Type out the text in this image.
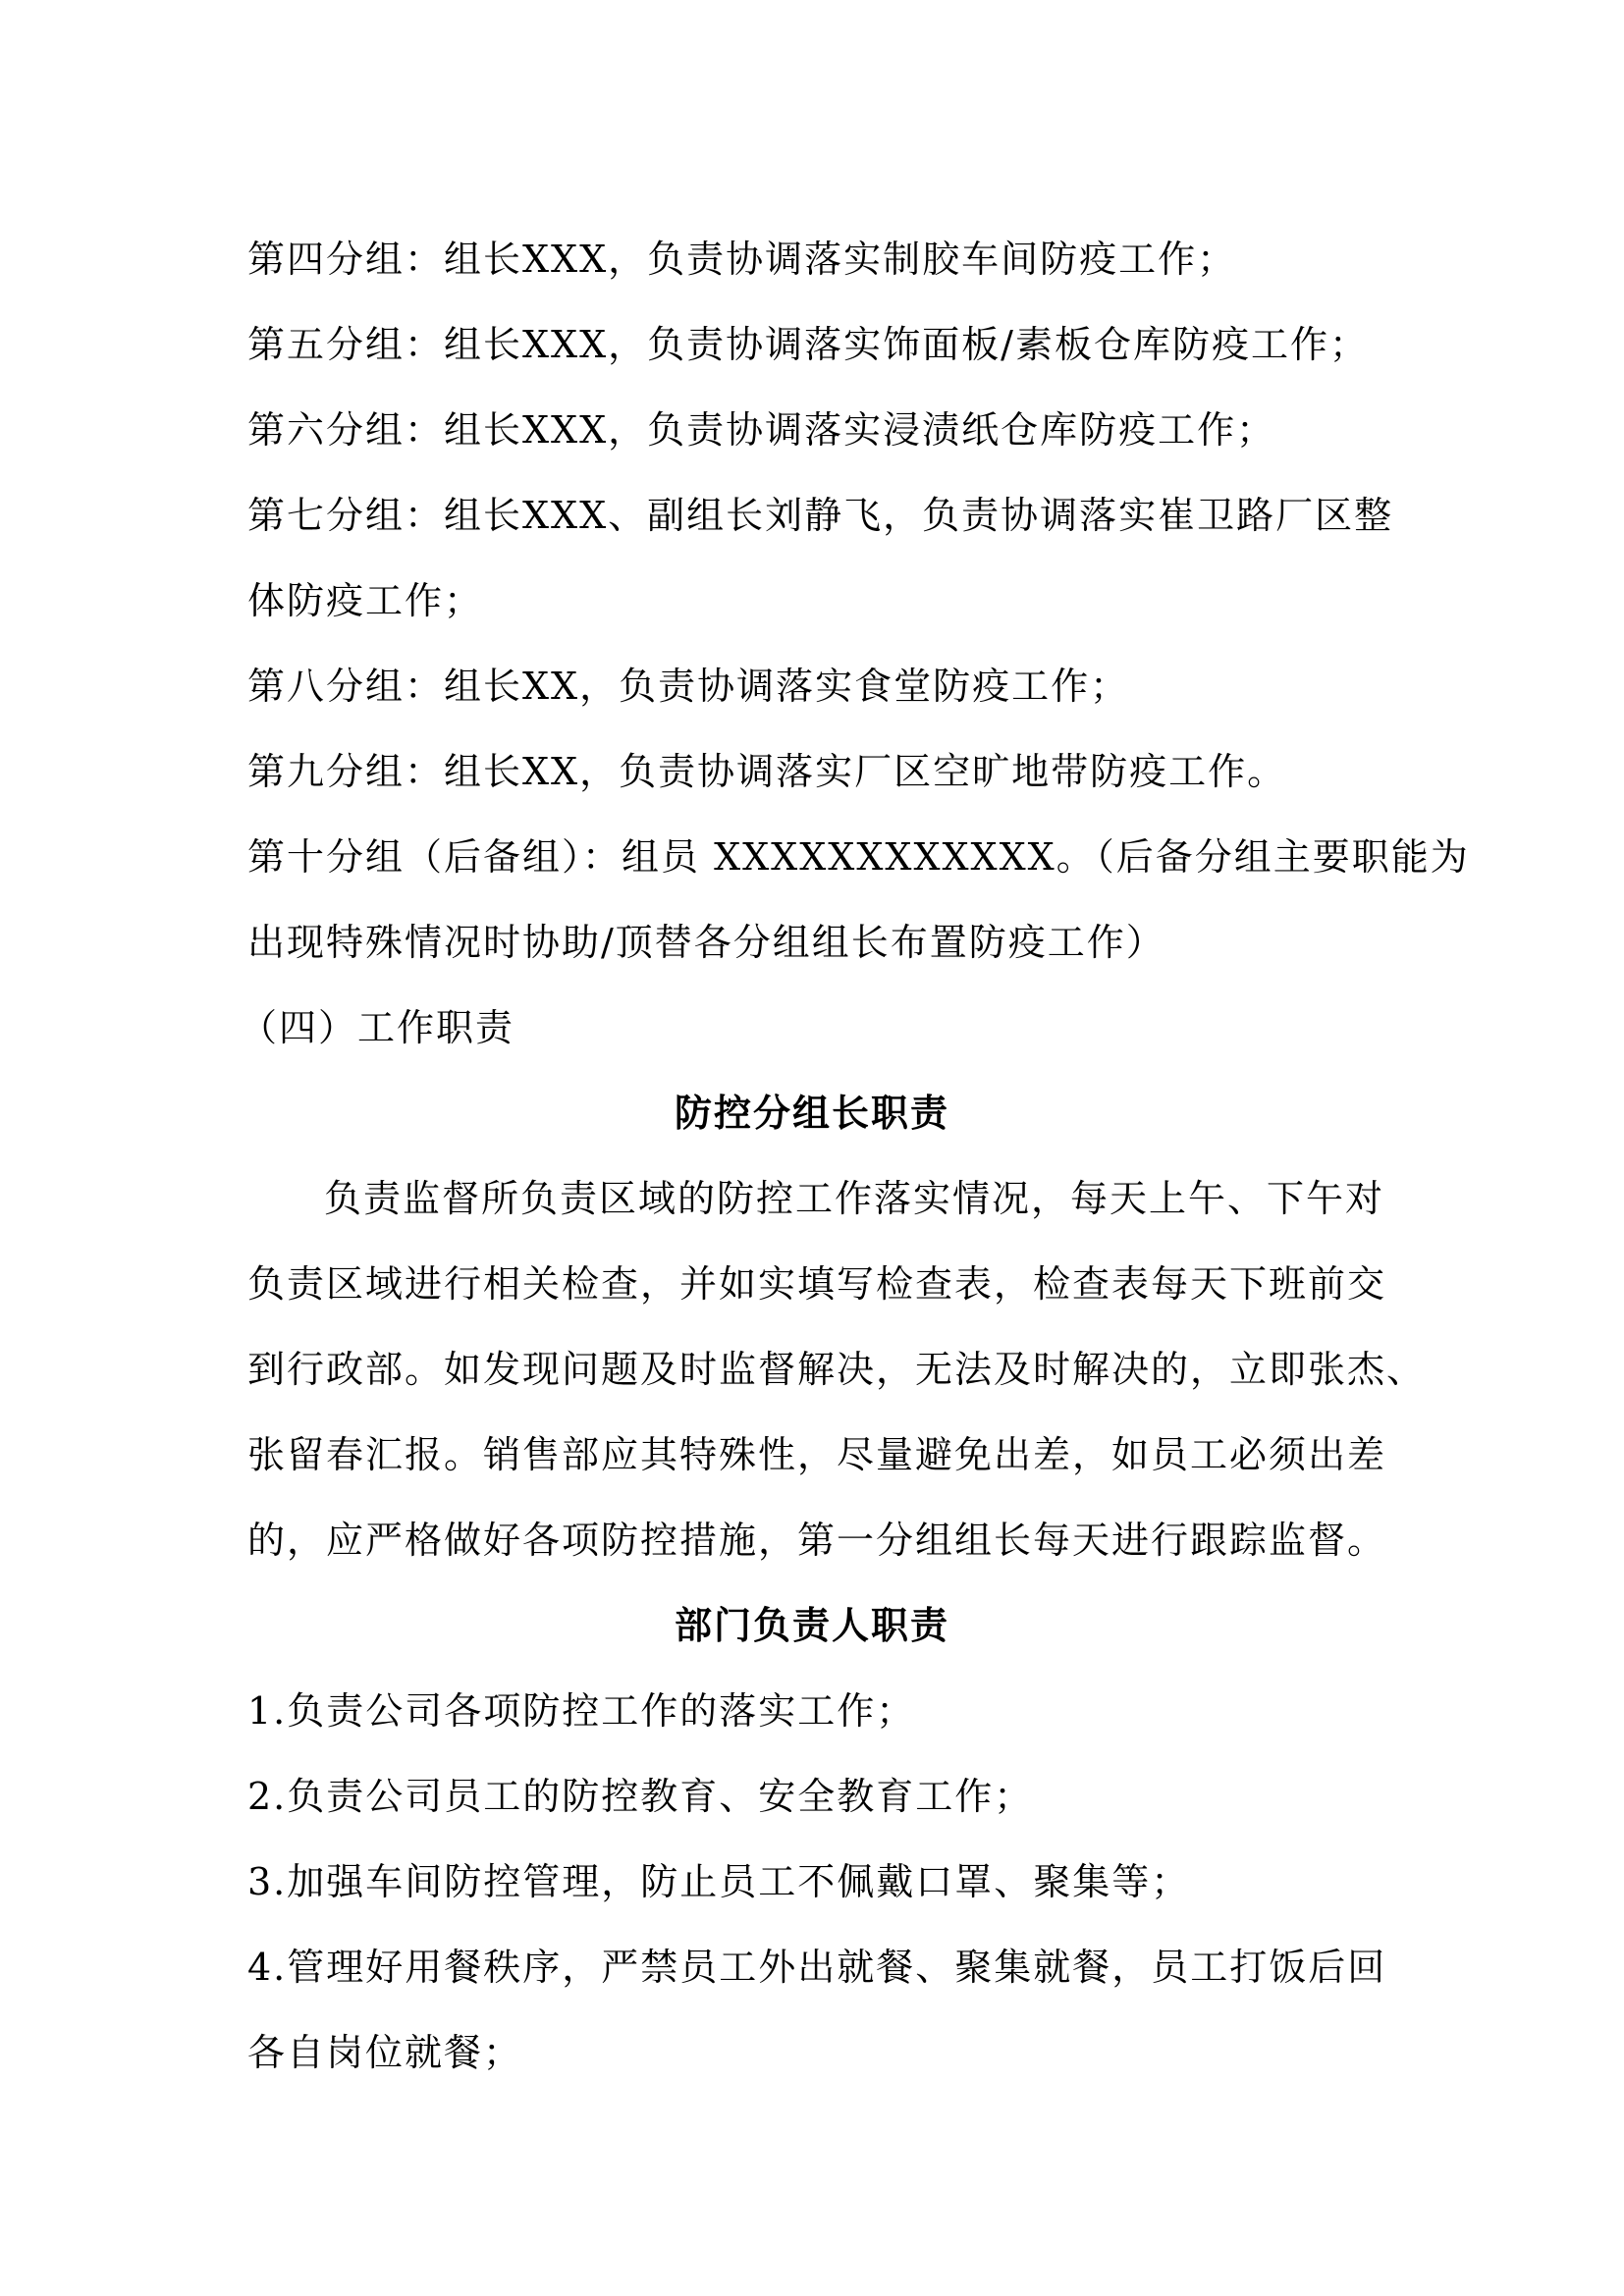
第四分组：组长XXX，负责协调落实制胶车间防疫工作；
第五分组：组长XXX，负责协调落实饰面板/素板仓库防疫工作；
第六分组：组长XXX，负责协调落实浸渍纸仓库防疫工作；
第七分组：组长XXX、副组长刘静飞，负责协调落实崔卫路厂区整
体防疫工作；
第八分组：组长XX，负责协调落实食堂防疫工作；
第九分组：组长XX，负责协调落实厂区空旷地带防疫工作。
第十分组（后备组）：组员 XXXXXXXXXXXX。（后备分组主要职能为
出现特殊情况时协助/顶替各分组组长布置防疫工作）
（四）工作职责
防控分组长职责
负责监督所负责区域的防控工作落实情况，每天上午、下午对
负责区域进行相关检查，并如实填写检查表，检查表每天下班前交
到行政部。如发现问题及时监督解决，无法及时解决的，立即张杰、
张留春汇报。销售部应其特殊性，尽量避免出差，如员工必须出差
的，应严格做好各项防控措施，第一分组组长每天进行跟踪监督。
部门负责人职责
1.负责公司各项防控工作的落实工作；
2.负责公司员工的防控教育、安全教育工作；
3.加强车间防控管理，防止员工不佩戴口罩、聚集等；
4.管理好用餐秩序，严禁员工外出就餐、聚集就餐，员工打饭后回
各自岗位就餐；
